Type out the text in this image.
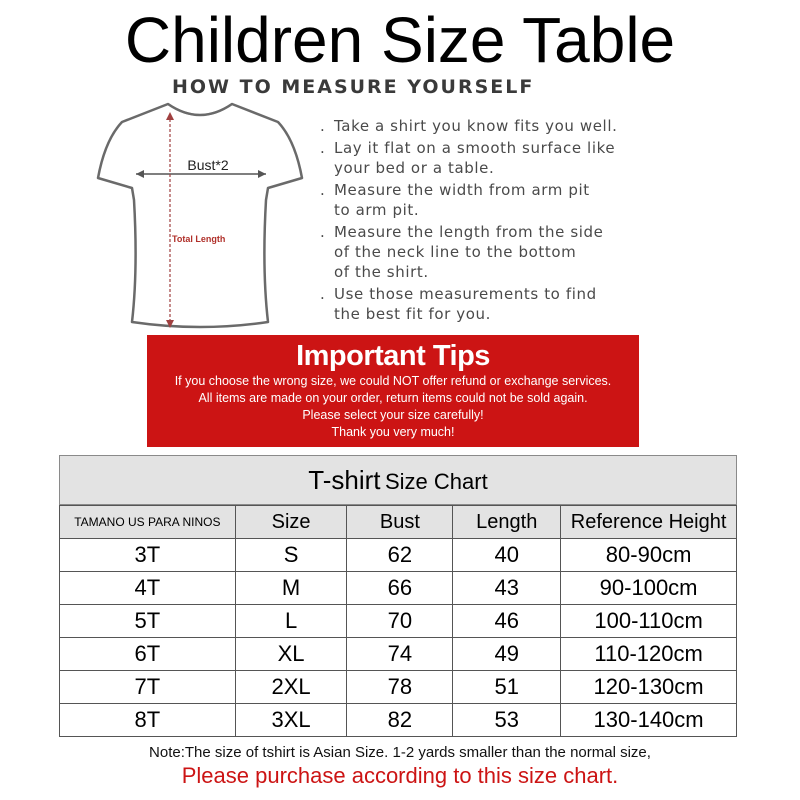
Children Size Table
HOW TO MEASURE YOURSELF
Bust*2
Total Length
. Take a shirt you know fits you well.
. Lay it flat on a smooth surface like
your bed or a table.
. Measure the width from arm pit
to arm pit.
. Measure the length from the side
of the neck line to the bottom
of the shirt.
. Use those measurements to find
the best fit for you.
Important Tips
If you choose the wrong size, we could NOT offer refund or exchange services.
All items are made on your order, return items could not be sold again.
Please select your size carefully!
Thank you very much!
T-shirt Size Chart
TAMANO US PARA NINOS	Size	Bust	Length	Reference Height
3T	S	62	40	80-90cm
4T	M	66	43	90-100cm
5T	L	70	46	100-110cm
6T	XL	74	49	110-120cm
7T	2XL	78	51	120-130cm
8T	3XL	82	53	130-140cm
Note:The size of tshirt is Asian Size. 1-2 yards smaller than the normal size,
Please purchase according to this size chart.
